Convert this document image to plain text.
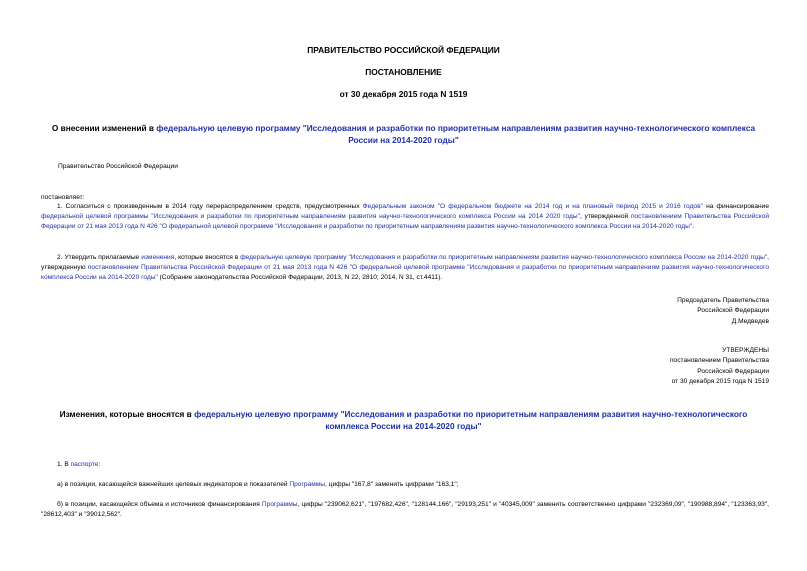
ПРАВИТЕЛЬСТВО РОССИЙСКОЙ ФЕДЕРАЦИИ
ПОСТАНОВЛЕНИЕ
от 30 декабря 2015 года N 1519
О внесении изменений в федеральную целевую программу "Исследования и разработки по приоритетным направлениям развития научно-технологического комплекса России на 2014-2020 годы"
Правительство Российской Федерации
постановляет:
1. Согласиться с произведенным в 2014 году перераспределением средств, предусмотренных Федеральным законом "О федеральном бюджете на 2014 год и на плановый период 2015 и 2016 годов" на финансирование федеральной целевой программы "Исследования и разработки по приоритетным направлениям развития научно-технологического комплекса России на 2014 2020 годы", утвержденной постановлением Правительства Российской Федерации от 21 мая 2013 года N 426 "О федеральной целевой программе "Исследования и разработки по приоритетным направлениям развития научно-технологического комплекса России на 2014-2020 годы".
2. Утвердить прилагаемые изменения, которые вносятся в федеральную целевую программу "Исследования и разработки по приоритетным направлениям развития научно-технологического комплекса России на 2014-2020 годы", утвержденную постановлением Правительства Российской Федерации от 21 мая 2013 года N 426 "О федеральной целевой программе "Исследования и разработки по приоритетным направлениям развития научно-технологического комплекса России на 2014-2020 годы" (Собрание законодательства Российской Федерации, 2013, N 22, 2810; 2014, N 31, ст.4411).
Председатель Правительства
Российской Федерации
Д.Медведев
УТВЕРЖДЕНЫ
постановлением Правительства
Российской Федерации
от 30 декабря 2015 года N 1519
Изменения, которые вносятся в федеральную целевую программу "Исследования и разработки по приоритетным направлениям развития научно-технологического комплекса России на 2014-2020 годы"
1. В паспорте:
а) в позиции, касающейся важнейших целевых индикаторов и показателей Программы, цифры "167,8" заменить цифрами "163,1";
б) в позиции, касающейся объема и источников финансирования Программы, цифры "239062,621", "197682,426", "128144,166", "29193,251" и "40345,009" заменить соответственно цифрами "232369,09", "190988,894", "123363,93", "28612,403" и "39012,562".
